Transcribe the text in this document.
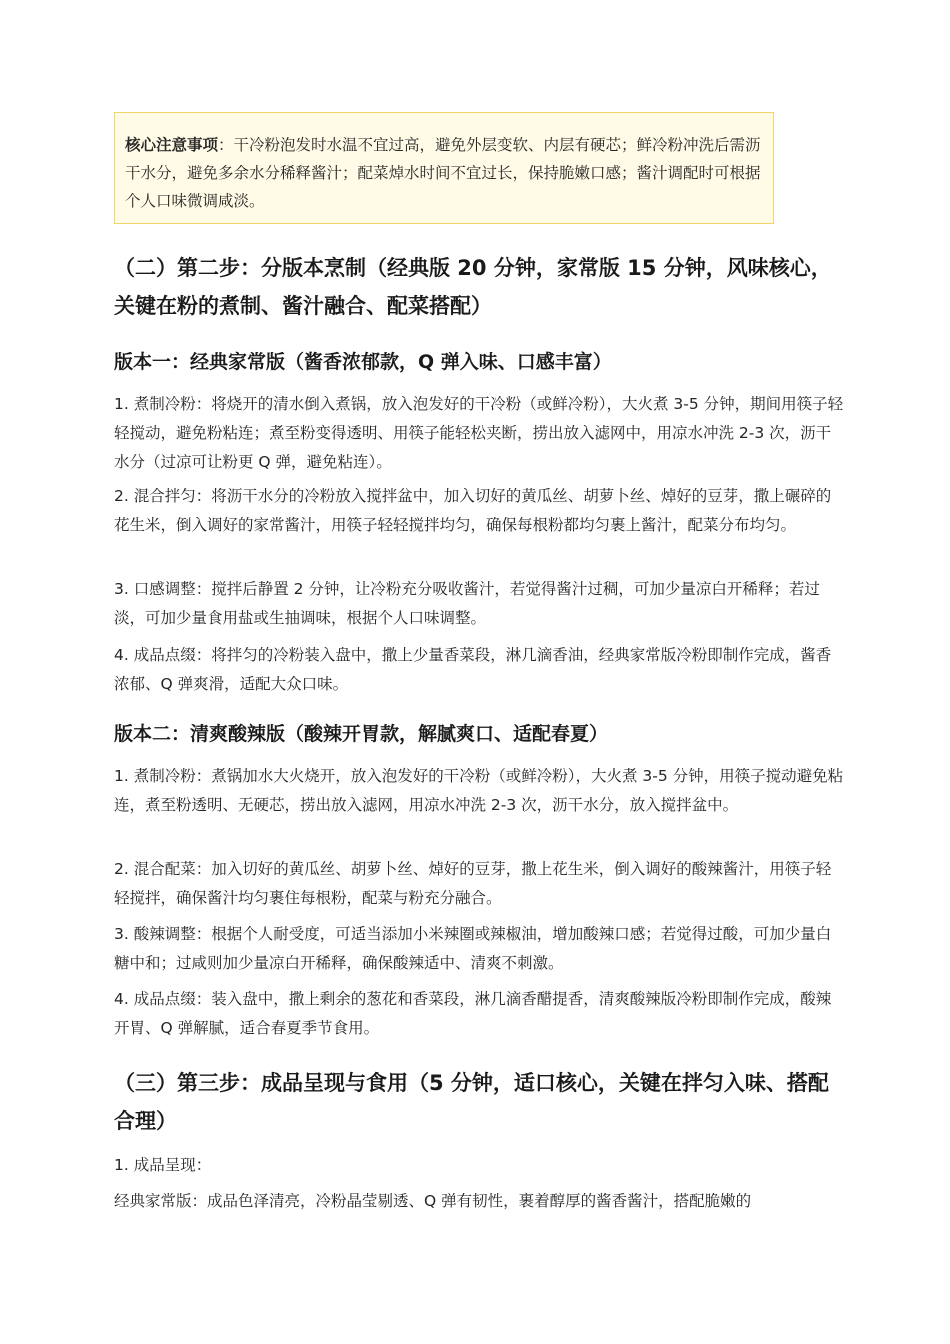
核心注意事项：干冷粉泡发时水温不宜过高，避免外层变软、内层有硬芯；鲜冷粉冲洗后需沥干水分，避免多余水分稀释酱汁；配菜焯水时间不宜过长，保持脆嫩口感；酱汁调配时可根据个人口味微调咸淡。
（二）第二步：分版本烹制（经典版 20 分钟，家常版 15 分钟，风味核心，关键在粉的煮制、酱汁融合、配菜搭配）
版本一：经典家常版（酱香浓郁款，Q 弹入味、口感丰富）

1. 煮制冷粉：将烧开的清水倒入煮锅，放入泡发好的干冷粉（或鲜冷粉），大火煮 3-5 分钟，期间用筷子轻轻搅动，避免粉粘连；煮至粉变得透明、用筷子能轻松夹断，捞出放入滤网中，用凉水冲洗 2-3 次，沥干水分（过凉可让粉更 Q 弹，避免粘连）。

2. 混合拌匀：将沥干水分的冷粉放入搅拌盆中，加入切好的黄瓜丝、胡萝卜丝、焯好的豆芽，撒上碾碎的花生米，倒入调好的家常酱汁，用筷子轻轻搅拌均匀，确保每根粉都均匀裹上酱汁，配菜分布均匀。

3. 口感调整：搅拌后静置 2 分钟，让冷粉充分吸收酱汁，若觉得酱汁过稠，可加少量凉白开稀释；若过淡，可加少量食用盐或生抽调味，根据个人口味调整。

4. 成品点缀：将拌匀的冷粉装入盘中，撒上少量香菜段，淋几滴香油，经典家常版冷粉即制作完成，酱香浓郁、Q 弹爽滑，适配大众口味。

版本二：清爽酸辣版（酸辣开胃款，解腻爽口、适配春夏）

1. 煮制冷粉：煮锅加水大火烧开，放入泡发好的干冷粉（或鲜冷粉），大火煮 3-5 分钟，用筷子搅动避免粘连，煮至粉透明、无硬芯，捞出放入滤网，用凉水冲洗 2-3 次，沥干水分，放入搅拌盆中。

2. 混合配菜：加入切好的黄瓜丝、胡萝卜丝、焯好的豆芽，撒上花生米，倒入调好的酸辣酱汁，用筷子轻轻搅拌，确保酱汁均匀裹住每根粉，配菜与粉充分融合。

3. 酸辣调整：根据个人耐受度，可适当添加小米辣圈或辣椒油，增加酸辣口感；若觉得过酸，可加少量白糖中和；过咸则加少量凉白开稀释，确保酸辣适中、清爽不刺激。

4. 成品点缀：装入盘中，撒上剩余的葱花和香菜段，淋几滴香醋提香，清爽酸辣版冷粉即制作完成，酸辣开胃、Q 弹解腻，适合春夏季节食用。

（三）第三步：成品呈现与食用（5 分钟，适口核心，关键在拌匀入味、搭配合理）

1. 成品呈现：

经典家常版：成品色泽清亮，冷粉晶莹剔透、Q 弹有韧性，裹着醇厚的酱香酱汁，搭配脆嫩的
